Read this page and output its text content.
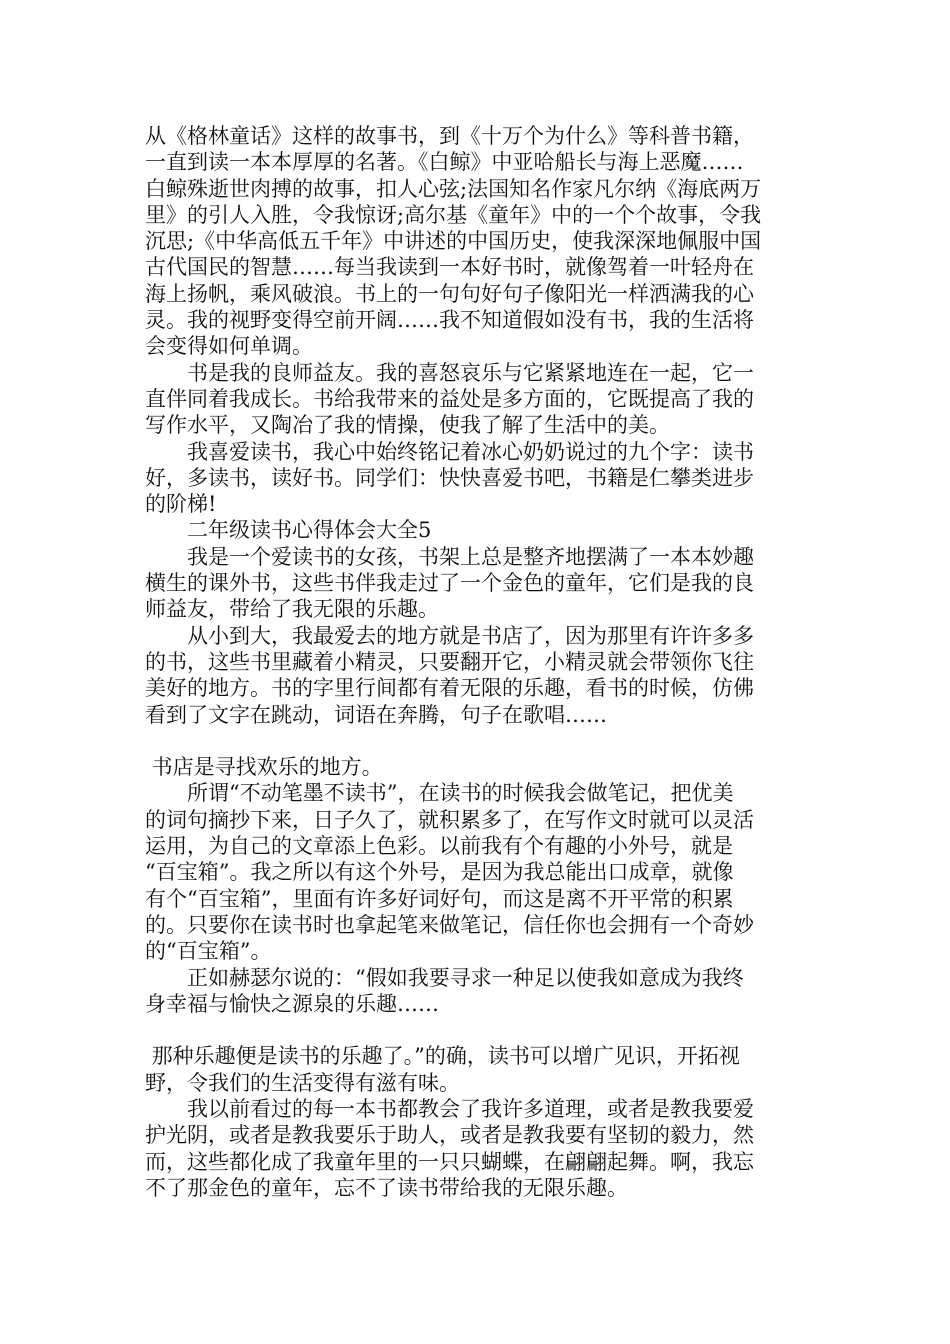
从《格林童话》这样的故事书，到《十万个为什么》等科普书籍，
一直到读一本本厚厚的名著。《白鲸》中亚哈船长与海上恶魔……
白鲸殊逝世肉搏的故事，扣人心弦;法国知名作家凡尔纳《海底两万
里》的引人入胜，令我惊讶;高尔基《童年》中的一个个故事，令我
沉思;《中华高低五千年》中讲述的中国历史，使我深深地佩服中国
古代国民的智慧……每当我读到一本好书时，就像驾着一叶轻舟在
海上扬帆，乘风破浪。书上的一句句好句子像阳光一样洒满我的心
灵。我的视野变得空前开阔……我不知道假如没有书，我的生活将
会变得如何单调。
　　书是我的良师益友。我的喜怒哀乐与它紧紧地连在一起，它一
直伴同着我成长。书给我带来的益处是多方面的，它既提高了我的
写作水平，又陶冶了我的情操，使我了解了生活中的美。
　　我喜爱读书，我心中始终铭记着冰心奶奶说过的九个字：读书
好，多读书，读好书。同学们：快快喜爱书吧，书籍是仁攀类进步
的阶梯!
　　二年级读书心得体会大全5
　　我是一个爱读书的女孩，书架上总是整齐地摆满了一本本妙趣
横生的课外书，这些书伴我走过了一个金色的童年，它们是我的良
师益友，带给了我无限的乐趣。
　　从小到大，我最爱去的地方就是书店了，因为那里有许许多多
的书，这些书里藏着小精灵，只要翻开它，小精灵就会带领你飞往
美好的地方。书的字里行间都有着无限的乐趣，看书的时候，仿佛
看到了文字在跳动，词语在奔腾，句子在歌唱……
书店是寻找欢乐的地方。
　　所谓“不动笔墨不读书”，在读书的时候我会做笔记，把优美
的词句摘抄下来，日子久了，就积累多了，在写作文时就可以灵活
运用，为自己的文章添上色彩。以前我有个有趣的小外号，就是
“百宝箱”。我之所以有这个外号，是因为我总能出口成章，就像
有个“百宝箱”，里面有许多好词好句，而这是离不开平常的积累
的。只要你在读书时也拿起笔来做笔记，信任你也会拥有一个奇妙
的“百宝箱”。
　　正如赫瑟尔说的：“假如我要寻求一种足以使我如意成为我终
身幸福与愉快之源泉的乐趣……
那种乐趣便是读书的乐趣了。”的确，读书可以增广见识，开拓视
野，令我们的生活变得有滋有味。
　　我以前看过的每一本书都教会了我许多道理，或者是教我要爱
护光阴，或者是教我要乐于助人，或者是教我要有坚韧的毅力，然
而，这些都化成了我童年里的一只只蝴蝶，在翩翩起舞。啊，我忘
不了那金色的童年，忘不了读书带给我的无限乐趣。
